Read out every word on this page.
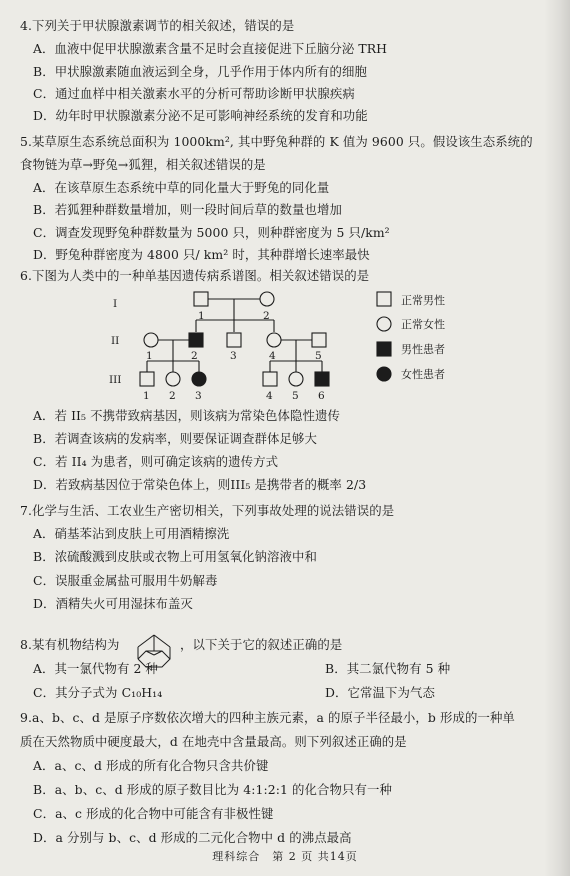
4.下列关于甲状腺激素调节的相关叙述，错误的是
A．血液中促甲状腺激素含量不足时会直接促进下丘脑分泌 TRH
B．甲状腺激素随血液运到全身，几乎作用于体内所有的细胞
C．通过血样中相关激素水平的分析可帮助诊断甲状腺疾病
D．幼年时甲状腺激素分泌不足可影响神经系统的发育和功能
5.某草原生态系统总面积为 1000km², 其中野兔种群的 K 值为 9600 只。假设该生态系统的
食物链为草→野兔→狐狸，相关叙述错误的是
A．在该草原生态系统中草的同化量大于野兔的同化量
B．若狐狸种群数量增加，则一段时间后草的数量也增加
C．调查发现野兔种群数量为 5000 只，则种群密度为 5 只/km²
D．野兔种群密度为 4800 只/ km² 时，其种群增长速率最快
6.下图为人类中的一种单基因遗传病系谱图。相关叙述错误的是
I
II
III
1	2
1	2	3	4	5
1 2 3	4 5 6
正常男性
正常女性
男性患者
女性患者
A．若 II₅ 不携带致病基因，则该病为常染色体隐性遗传
B．若调查该病的发病率，则要保证调查群体足够大
C．若 II₄ 为患者，则可确定该病的遗传方式
D．若致病基因位于常染色体上，则III₅ 是携带者的概率 2/3
7.化学与生活、工农业生产密切相关，下列事故处理的说法错误的是
A．硝基苯沾到皮肤上可用酒精擦洗
B．浓硫酸溅到皮肤或衣物上可用氢氧化钠溶液中和
C．误服重金属盐可服用牛奶解毒
D．酒精失火可用湿抹布盖灭
8.某有机物结构为	，以下关于它的叙述正确的是
A．其一氯代物有 2 种	B．其二氯代物有 5 种
C．其分子式为 C₁₀H₁₄	D．它常温下为气态
9.a、b、c、d 是原子序数依次增大的四种主族元素，a 的原子半径最小，b 形成的一种单
质在天然物质中硬度最大，d 在地壳中含量最高。则下列叙述正确的是
A．a、c、d 形成的所有化合物只含共价键
B．a、b、c、d 形成的原子数目比为 4:1:2:1 的化合物只有一种
C．a、c 形成的化合物中可能含有非极性键
D．a 分别与 b、c、d 形成的二元化合物中 d 的沸点最高
理科综合　第 2 页 共14页
